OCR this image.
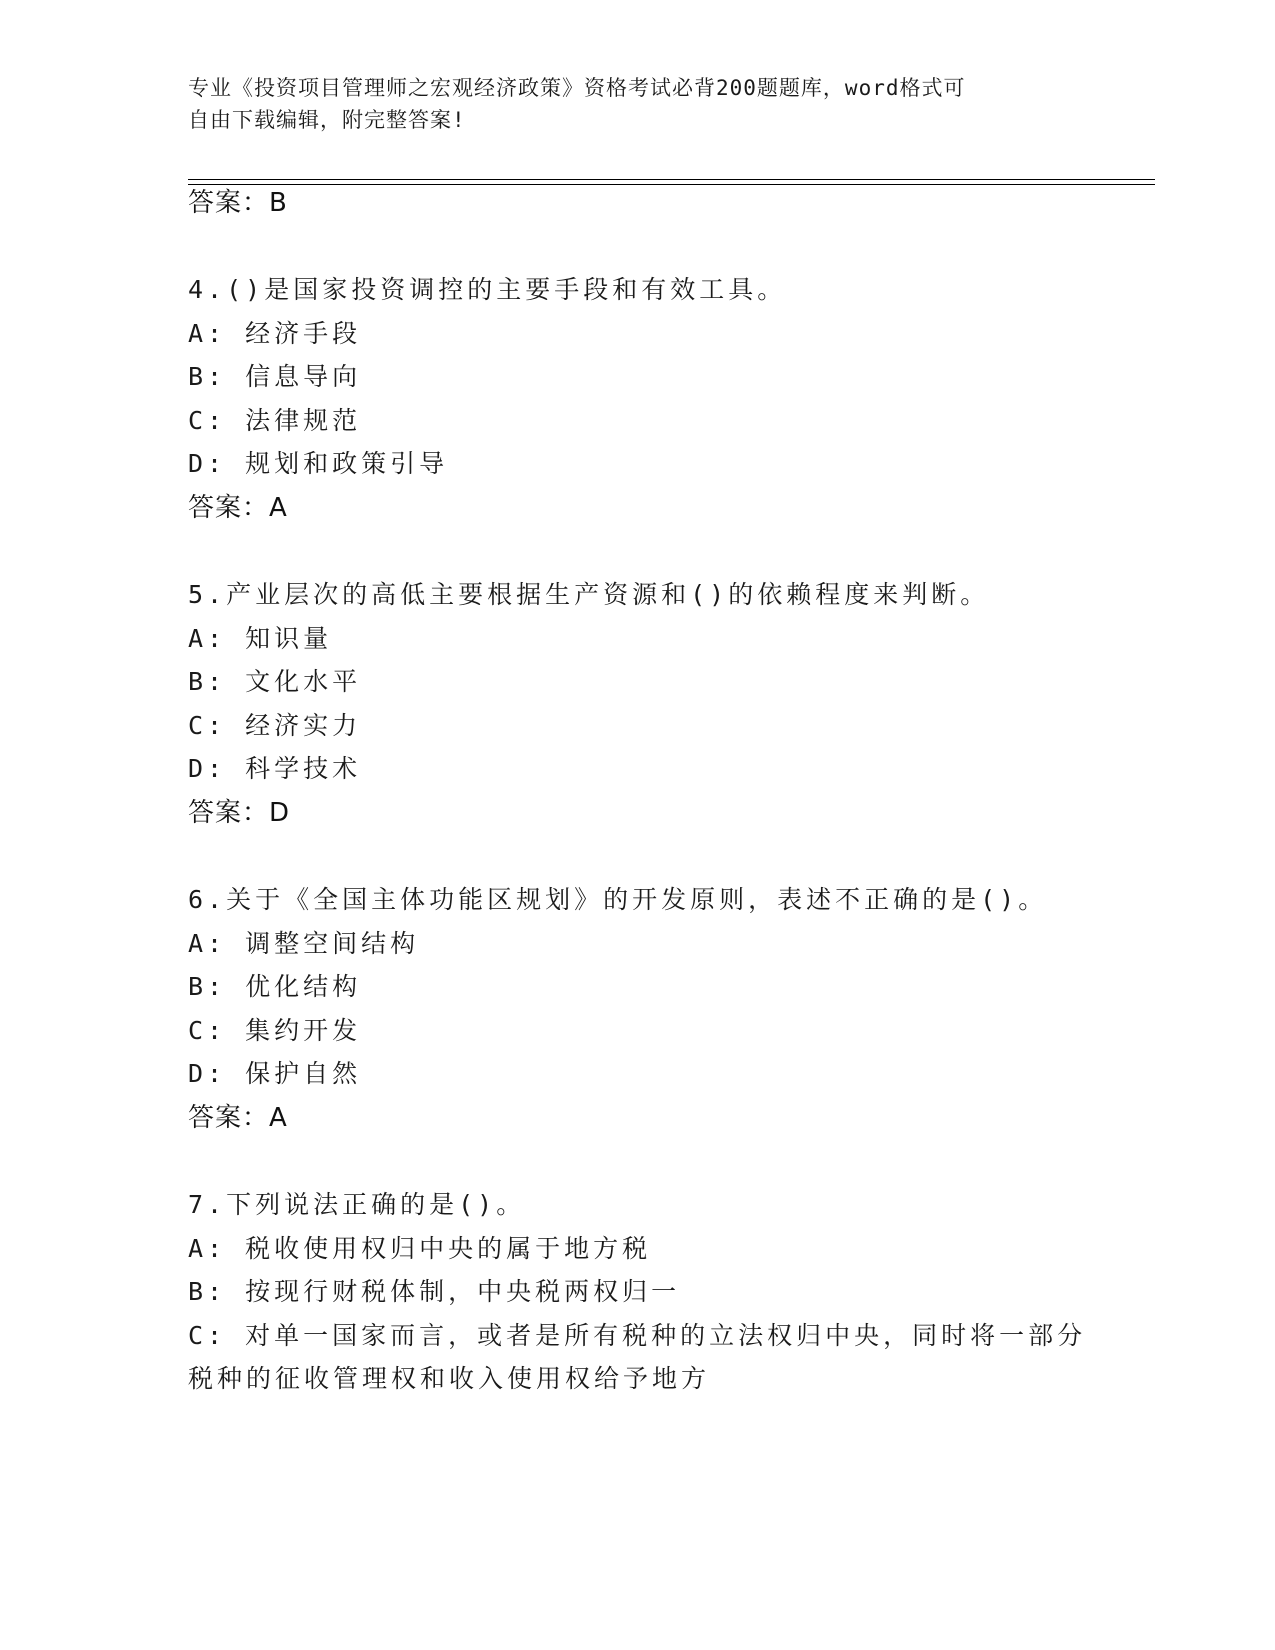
专业《投资项目管理师之宏观经济政策》资格考试必背200题题库，word格式可
自由下载编辑，附完整答案!
答案：B
4.()是国家投资调控的主要手段和有效工具。
A: 经济手段
B: 信息导向
C: 法律规范
D: 规划和政策引导
答案：A
5.产业层次的高低主要根据生产资源和()的依赖程度来判断。
A: 知识量
B: 文化水平
C: 经济实力
D: 科学技术
答案：D
6.关于《全国主体功能区规划》的开发原则，表述不正确的是()。
A: 调整空间结构
B: 优化结构
C: 集约开发
D: 保护自然
答案：A
7.下列说法正确的是()。
A: 税收使用权归中央的属于地方税
B: 按现行财税体制，中央税两权归一
C: 对单一国家而言，或者是所有税种的立法权归中央，同时将一部分
税种的征收管理权和收入使用权给予地方
